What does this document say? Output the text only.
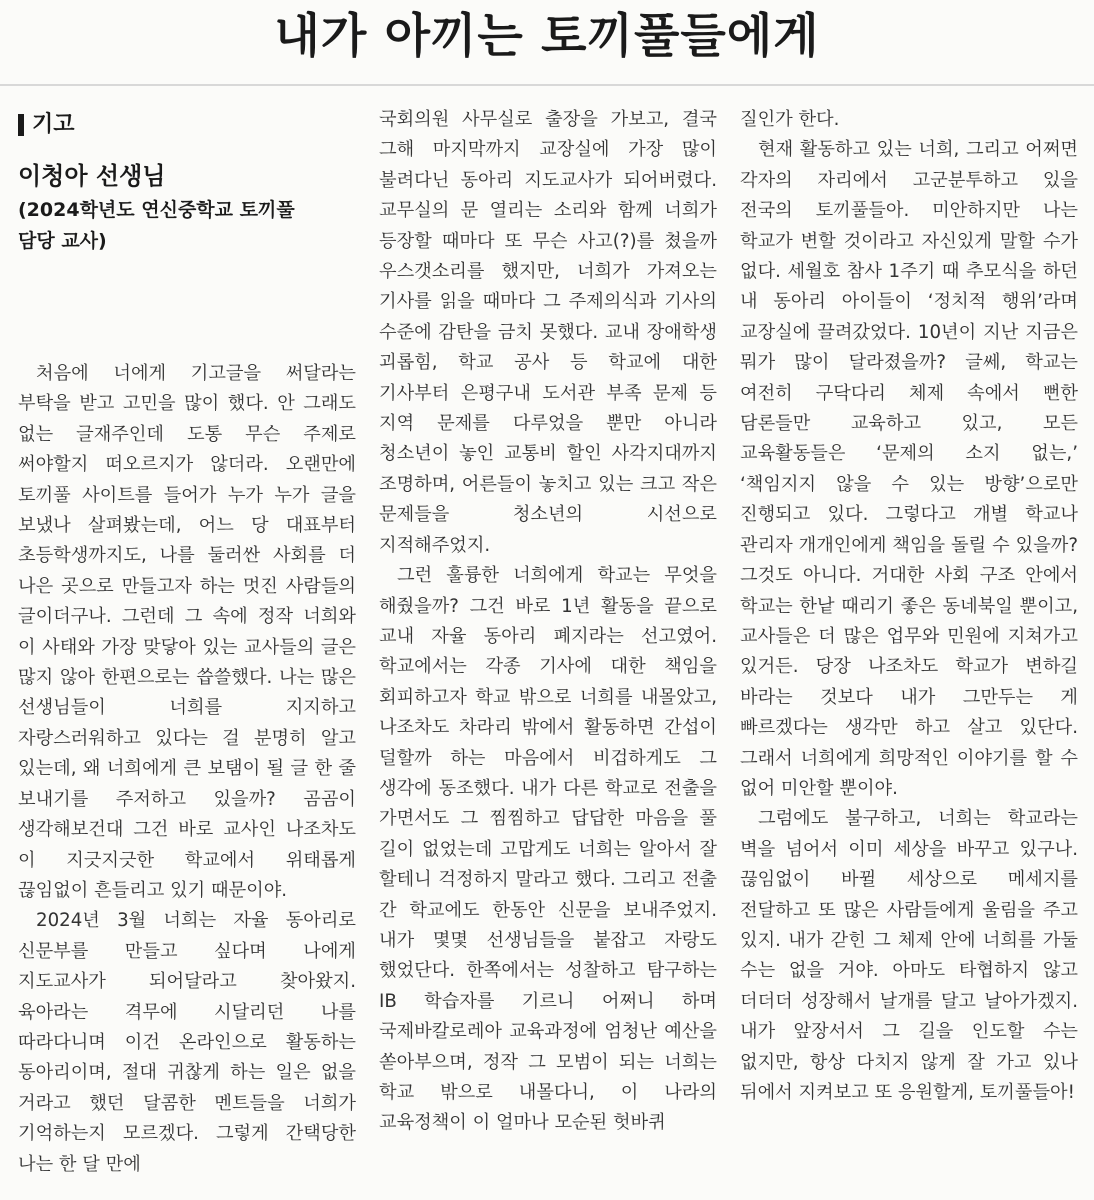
내가 아끼는 토끼풀들에게
기고
이청아 선생님
(2024학년도 연신중학교 토끼풀
담당 교사)

처음에 너에게 기고글을 써달라는 부탁을 받고 고민을 많이 했다. 안 그래도 없는 글재주인데 도통 무슨 주제로 써야할지 떠오르지가 않더라. 오랜만에 토끼풀 사이트를 들어가 누가 누가 글을 보냈나 살펴봤는데, 어느 당 대표부터 초등학생까지도, 나를 둘러싼 사회를 더 나은 곳으로 만들고자 하는 멋진 사람들의 글이더구나. 그런데 그 속에 정작 너희와 이 사태와 가장 맞닿아 있는 교사들의 글은 많지 않아 한편으로는 씁쓸했다. 나는 많은 선생님들이 너희를 지지하고 자랑스러워하고 있다는 걸 분명히 알고 있는데, 왜 너희에게 큰 보탬이 될 글 한 줄 보내기를 주저하고 있을까? 곰곰이 생각해보건대 그건 바로 교사인 나조차도 이 지긋지긋한 학교에서 위태롭게 끊임없이 흔들리고 있기 때문이야.

2024년 3월 너희는 자율 동아리로 신문부를 만들고 싶다며 나에게 지도교사가 되어달라고 찾아왔지. 육아라는 격무에 시달리던 나를 따라다니며 이건 온라인으로 활동하는 동아리이며, 절대 귀찮게 하는 일은 없을 거라고 했던 달콤한 멘트들을 너희가 기억하는지 모르겠다. 그렇게 간택당한 나는 한 달 만에

국회의원 사무실로 출장을 가보고, 결국 그해 마지막까지 교장실에 가장 많이 불려다닌 동아리 지도교사가 되어버렸다. 교무실의 문 열리는 소리와 함께 너희가 등장할 때마다 또 무슨 사고(?)를 쳤을까 우스갯소리를 했지만, 너희가 가져오는 기사를 읽을 때마다 그 주제의식과 기사의 수준에 감탄을 금치 못했다. 교내 장애학생 괴롭힘, 학교 공사 등 학교에 대한 기사부터 은평구내 도서관 부족 문제 등 지역 문제를 다루었을 뿐만 아니라 청소년이 놓인 교통비 할인 사각지대까지 조명하며, 어른들이 놓치고 있는 크고 작은 문제들을 청소년의 시선으로 지적해주었지.

그런 훌륭한 너희에게 학교는 무엇을 해줬을까? 그건 바로 1년 활동을 끝으로 교내 자율 동아리 폐지라는 선고였어. 학교에서는 각종 기사에 대한 책임을 회피하고자 학교 밖으로 너희를 내몰았고, 나조차도 차라리 밖에서 활동하면 간섭이 덜할까 하는 마음에서 비겁하게도 그 생각에 동조했다. 내가 다른 학교로 전출을 가면서도 그 찜찜하고 답답한 마음을 풀 길이 없었는데 고맙게도 너희는 알아서 잘 할테니 걱정하지 말라고 했다. 그리고 전출 간 학교에도 한동안 신문을 보내주었지. 내가 몇몇 선생님들을 붙잡고 자랑도 했었단다. 한쪽에서는 성찰하고 탐구하는 IB 학습자를 기르니 어쩌니 하며 국제바칼로레아 교육과정에 엄청난 예산을 쏟아부으며, 정작 그 모범이 되는 너희는 학교 밖으로 내몰다니, 이 나라의 교육정책이 이 얼마나 모순된 헛바퀴

질인가 한다.

현재 활동하고 있는 너희, 그리고 어쩌면 각자의 자리에서 고군분투하고 있을 전국의 토끼풀들아. 미안하지만 나는 학교가 변할 것이라고 자신있게 말할 수가 없다. 세월호 참사 1주기 때 추모식을 하던 내 동아리 아이들이 ‘정치적 행위’라며 교장실에 끌려갔었다. 10년이 지난 지금은 뭐가 많이 달라졌을까? 글쎄, 학교는 여전히 구닥다리 체제 속에서 뻔한 담론들만 교육하고 있고, 모든 교육활동들은 ‘문제의 소지 없는,’ ‘책임지지 않을 수 있는 방향’으로만 진행되고 있다. 그렇다고 개별 학교나 관리자 개개인에게 책임을 돌릴 수 있을까? 그것도 아니다. 거대한 사회 구조 안에서 학교는 한낱 때리기 좋은 동네북일 뿐이고, 교사들은 더 많은 업무와 민원에 지쳐가고 있거든. 당장 나조차도 학교가 변하길 바라는 것보다 내가 그만두는 게 빠르겠다는 생각만 하고 살고 있단다. 그래서 너희에게 희망적인 이야기를 할 수 없어 미안할 뿐이야.

그럼에도 불구하고, 너희는 학교라는 벽을 넘어서 이미 세상을 바꾸고 있구나. 끊임없이 바뀔 세상으로 메세지를 전달하고 또 많은 사람들에게 울림을 주고 있지. 내가 갇힌 그 체제 안에 너희를 가둘 수는 없을 거야. 아마도 타협하지 않고 더더더 성장해서 날개를 달고 날아가겠지. 내가 앞장서서 그 길을 인도할 수는 없지만, 항상 다치지 않게 잘 가고 있나 뒤에서 지켜보고 또 응원할게, 토끼풀들아!
